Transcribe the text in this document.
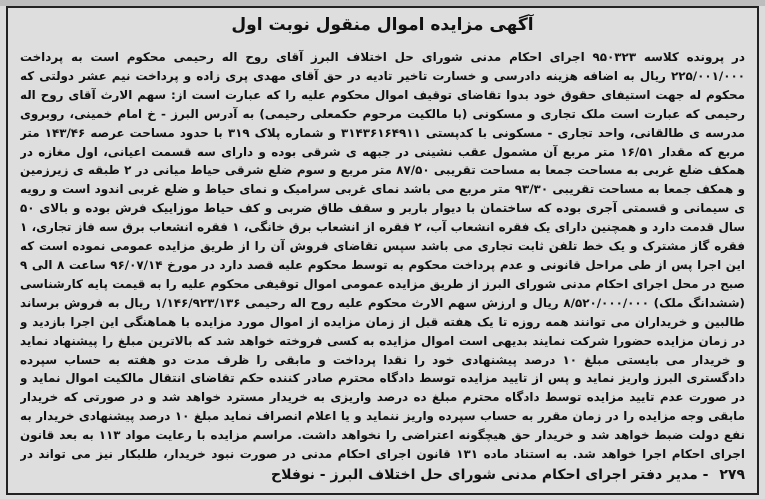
آگهی مزایده اموال منقول نوبت اول
در پرونده کلاسه ۹۵۰۳۲۳ اجرای احکام مدنی شورای حل اختلاف البرز آقای روح اله رحیمی محکوم است به پرداخت ۲۲۵/۰۰۱/۰۰۰ ریال به اضافه هزینه دادرسی و خسارت تاخیر تادیه در حق آقای مهدی پری زاده و پرداخت نیم عشر دولتی که محکوم له جهت استیفای حقوق خود بدوا تقاضای توقیف اموال محکوم علیه را که عبارت است از: سهم الارث آقای روح اله رحیمی که عبارت است ملک تجاری و مسکونی (با مالکیت مرحوم حکمعلی رحیمی) به آدرس البرز - خ امام خمینی، روبروی مدرسه ی طالقانی، واحد تجاری - مسکونی با کدپستی ۳۱۴۳۶۱۶۴۹۱۱ و شماره پلاک ۳۱۹ با حدود مساحت عرصه ۱۴۳/۴۶ متر مربع که مقدار ۱۶/۵۱ متر مربع آن مشمول عقب نشینی در جبهه ی شرقی بوده و دارای سه قسمت اعیانی، اول مغازه در همکف ضلع غربی به مساحت جمعا به مساحت تقریبی ۸۷/۵۰ متر مربع و سوم ضلع شرقی حیاط میانی در ۲ طبقه ی زیرزمین و همکف جمعا به مساحت تقریبی ۹۳/۳۰ متر مربع می باشد نمای غربی سرامیک و نمای حیاط و ضلع غربی اندود است و رویه ی سیمانی و قسمتی آجری بوده که ساختمان با دیوار باربر و سقف طاق ضربی و کف حیاط موزاییک فرش بوده و بالای ۵۰ سال قدمت دارد و همچنین دارای یک فقره انشعاب آب، ۲ فقره از انشعاب برق خانگی، ۱ فقره انشعاب برق سه فاز تجاری، ۱ فقره گاز مشترک و یک خط تلفن ثابت تجاری می باشد سپس تقاضای فروش آن را از طریق مزایده عمومی نموده است که این اجرا پس از طی مراحل قانونی و عدم پرداخت محکوم به توسط محکوم علیه قصد دارد در مورخ ۹۶/۰۷/۱۴ ساعت ۸ الی ۹ صبح در محل اجرای احکام مدنی شورای البرز از طریق مزایده عمومی اموال توقیفی محکوم علیه را به قیمت پایه کارشناسی (ششدانگ ملک) ۸/۵۲۰/۰۰۰/۰۰۰ ریال و ارزش سهم الارث محکوم علیه روح اله رحیمی ۱/۱۴۶/۹۲۳/۱۳۶ ریال به فروش برساند طالبین و خریداران می توانند همه روزه تا یک هفته قبل از زمان مزایده از اموال مورد مزایده با هماهنگی این اجرا بازدید و در زمان مزایده حضورا شرکت نمایند بدیهی است اموال مزایده به کسی فروخته خواهد شد که بالاترین مبلغ را پیشنهاد نماید و خریدار می بایستی مبلغ ۱۰ درصد پیشنهادی خود را نقدا پرداخت و مابقی را ظرف مدت دو هفته به حساب سپرده دادگستری البرز واریز نماید و پس از تایید مزایده توسط دادگاه محترم صادر کننده حکم تقاضای انتقال مالکیت اموال نماید و در صورت عدم تایید مزایده توسط دادگاه محترم مبلغ ده درصد واریزی به خریدار مسترد خواهد شد و در صورتی که خریدار مابقی وجه مزایده را در زمان مقرر به حساب سپرده واریز ننماید و یا اعلام انصراف نماید مبلغ ۱۰ درصد پیشنهادی خریدار به نفع دولت ضبط خواهد شد و خریدار حق هیچگونه اعتراضی را نخواهد داشت. مراسم مزایده با رعایت مواد ۱۱۳ به بعد قانون اجرای احکام اجرا خواهد شد. به استناد ماده ۱۳۱ قانون اجرای احکام مدنی در صورت نبود خریدار، طلبکار نیز می تواند در
۲۷۹ - مدیر دفتر اجرای احکام مدنی شورای حل اختلاف البرز - نوفلاح
